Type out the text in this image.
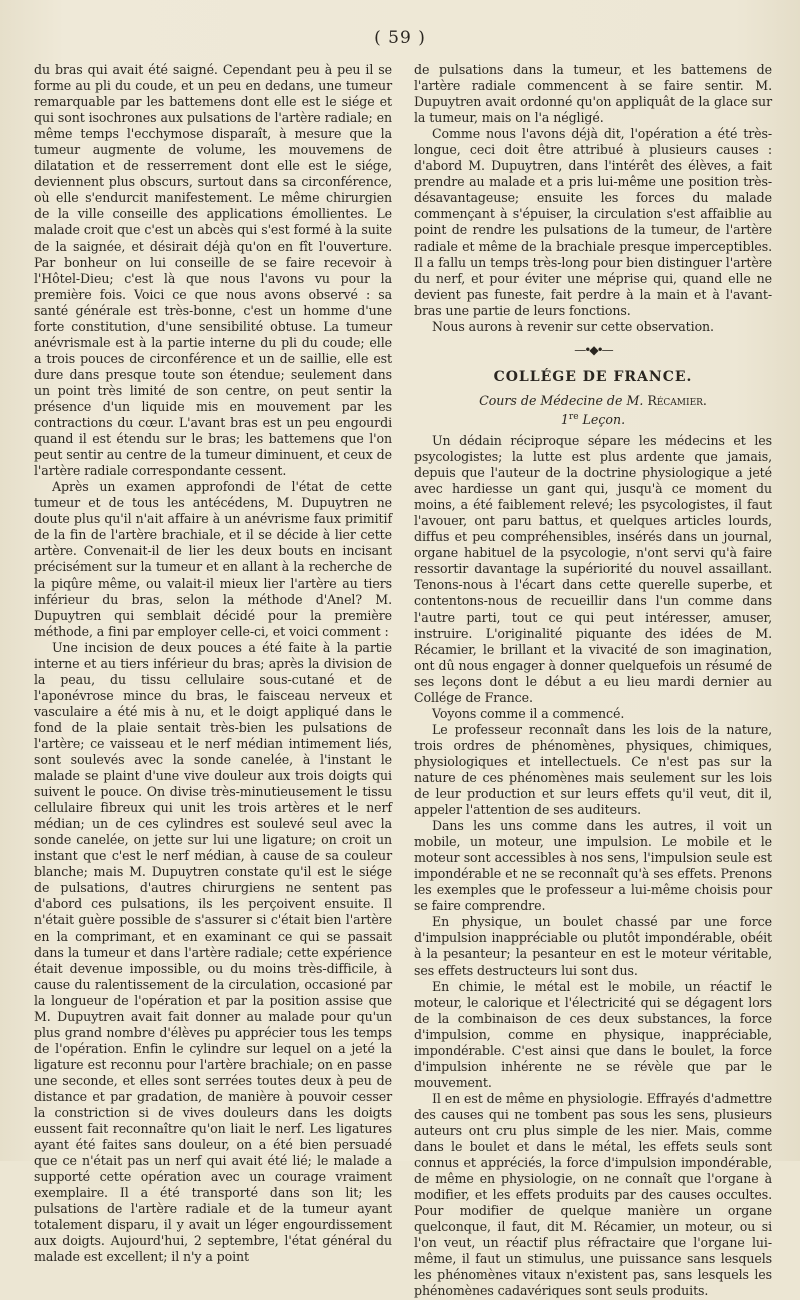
( 59 )

du bras qui avait été saigné. Cependant peu à peu il se forme au pli du coude, et un peu en dedans, une tumeur remarquable par les battemens dont elle est le siége et qui sont isochrones aux pulsations de l'artère radiale; en même temps l'ecchymose disparaît, à mesure que la tumeur augmente de volume, les mouvemens de dilatation et de resserrement dont elle est le siége, deviennent plus obscurs, surtout dans sa circonférence, où elle s'endurcit manifestement. Le même chirurgien de la ville conseille des applications émollientes. Le malade croit que c'est un abcès qui s'est formé à la suite de la saignée, et désirait déjà qu'on en fît l'ouverture. Par bonheur on lui conseille de se faire recevoir à l'Hôtel-Dieu; c'est là que nous l'avons vu pour la première fois. Voici ce que nous avons observé : sa santé générale est très-bonne, c'est un homme d'une forte constitution, d'une sensibilité obtuse. La tumeur anévrismale est à la partie interne du pli du coude; elle a trois pouces de circonférence et un de saillie, elle est dure dans presque toute son étendue; seulement dans un point très limité de son centre, on peut sentir la présence d'un liquide mis en mouvement par les contractions du cœur. L'avant bras est un peu engourdi quand il est étendu sur le bras; les battemens que l'on peut sentir au centre de la tumeur diminuent, et ceux de l'artère radiale correspondante cessent.

Après un examen approfondi de l'état de cette tumeur et de tous les antécédens, M. Dupuytren ne doute plus qu'il n'ait affaire à un anévrisme faux primitif de la fin de l'artère brachiale, et il se décide à lier cette artère. Convenait-il de lier les deux bouts en incisant précisément sur la tumeur et en allant à la recherche de la piqûre même, ou valait-il mieux lier l'artère au tiers inférieur du bras, selon la méthode d'Anel? M. Dupuytren qui semblait décidé pour la première méthode, a fini par employer celle-ci, et voici comment :

Une incision de deux pouces a été faite à la partie interne et au tiers inférieur du bras; après la division de la peau, du tissu cellulaire sous-cutané et de l'aponévrose mince du bras, le faisceau nerveux et vasculaire a été mis à nu, et le doigt appliqué dans le fond de la plaie sentait très-bien les pulsations de l'artère; ce vaisseau et le nerf médian intimement liés, sont soulevés avec la sonde canelée, à l'instant le malade se plaint d'une vive douleur aux trois doigts qui suivent le pouce. On divise très-minutieusement le tissu cellulaire fibreux qui unit les trois artères et le nerf médian; un de ces cylindres est soulevé seul avec la sonde canelée, on jette sur lui une ligature; on croit un instant que c'est le nerf médian, à cause de sa couleur blanche; mais M. Dupuytren constate qu'il est le siége de pulsations, d'autres chirurgiens ne sentent pas d'abord ces pulsations, ils les perçoivent ensuite. Il n'était guère possible de s'assurer si c'était bien l'artère en la comprimant, et en examinant ce qui se passait dans la tumeur et dans l'artère radiale; cette expérience était devenue impossible, ou du moins très-difficile, à cause du ralentissement de la circulation, occasioné par la longueur de l'opération et par la position assise que M. Dupuytren avait fait donner au malade pour qu'un plus grand nombre d'élèves pu apprécier tous les temps de l'opération. Enfin le cylindre sur lequel on a jeté la ligature est reconnu pour l'artère brachiale; on en passe une seconde, et elles sont serrées toutes deux à peu de distance et par gradation, de manière à pouvoir cesser la constriction si de vives douleurs dans les doigts eussent fait reconnaître qu'on liait le nerf. Les ligatures ayant été faites sans douleur, on a été bien persuadé que ce n'était pas un nerf qui avait été lié; le malade a supporté cette opération avec un courage vraiment exemplaire. Il a été transporté dans son lit; les pulsations de l'artère radiale et de la tumeur ayant totalement disparu, il y avait un léger engourdissement aux doigts. Aujourd'hui, 2 septembre, l'état général du malade est excellent; il n'y a point

de pulsations dans la tumeur, et les battemens de l'artère radiale commencent à se faire sentir. M. Dupuytren avait ordonné qu'on appliquât de la glace sur la tumeur, mais on l'a négligé.

Comme nous l'avons déjà dit, l'opération a été très-longue, ceci doit être attribué à plusieurs causes : d'abord M. Dupuytren, dans l'intérêt des élèves, a fait prendre au malade et a pris lui-même une position très-désavantageuse; ensuite les forces du malade commençant à s'épuiser, la circulation s'est affaiblie au point de rendre les pulsations de la tumeur, de l'artère radiale et même de la brachiale presque imperceptibles. Il a fallu un temps très-long pour bien distinguer l'artère du nerf, et pour éviter une méprise qui, quand elle ne devient pas funeste, fait perdre à la main et à l'avant-bras une partie de leurs fonctions.

Nous aurons à revenir sur cette observation.

—•◆•—
COLLÉGE DE FRANCE.
Cours de Médecine de M. Récamier.
1re Leçon.

Un dédain réciproque sépare les médecins et les psycologistes; la lutte est plus ardente que jamais, depuis que l'auteur de la doctrine physiologique a jeté avec hardiesse un gant qui, jusqu'à ce moment du moins, a été faiblement relevé; les psycologistes, il faut l'avouer, ont paru battus, et quelques articles lourds, diffus et peu compréhensibles, insérés dans un journal, organe habituel de la psycologie, n'ont servi qu'à faire ressortir davantage la supériorité du nouvel assaillant. Tenons-nous à l'écart dans cette querelle superbe, et contentons-nous de recueillir dans l'un comme dans l'autre parti, tout ce qui peut intéresser, amuser, instruire. L'originalité piquante des idées de M. Récamier, le brillant et la vivacité de son imagination, ont dû nous engager à donner quelquefois un résumé de ses leçons dont le début a eu lieu mardi dernier au Collége de France.

Voyons comme il a commencé.

Le professeur reconnaît dans les lois de la nature, trois ordres de phénomènes, physiques, chimiques, physiologiques et intellectuels. Ce n'est pas sur la nature de ces phénomènes mais seulement sur les lois de leur production et sur leurs effets qu'il veut, dit il, appeler l'attention de ses auditeurs.

Dans les uns comme dans les autres, il voit un mobile, un moteur, une impulsion. Le mobile et le moteur sont accessibles à nos sens, l'impulsion seule est impondérable et ne se reconnaît qu'à ses effets. Prenons les exemples que le professeur a lui-même choisis pour se faire comprendre.

En physique, un boulet chassé par une force d'impulsion inappréciable ou plutôt impondérable, obéit à la pesanteur; la pesanteur en est le moteur véritable, ses effets destructeurs lui sont dus.

En chimie, le métal est le mobile, un réactif le moteur, le calorique et l'électricité qui se dégagent lors de la combinaison de ces deux substances, la force d'impulsion, comme en physique, inappréciable, impondérable. C'est ainsi que dans le boulet, la force d'impulsion inhérente ne se révèle que par le mouvement.

Il en est de même en physiologie. Effrayés d'admettre des causes qui ne tombent pas sous les sens, plusieurs auteurs ont cru plus simple de les nier. Mais, comme dans le boulet et dans le métal, les effets seuls sont connus et appréciés, la force d'impulsion impondérable, de même en physiologie, on ne connaît que l'organe à modifier, et les effets produits par des causes occultes. Pour modifier de quelque manière un organe quelconque, il faut, dit M. Récamier, un moteur, ou si l'on veut, un réactif plus réfractaire que l'organe lui-même, il faut un stimulus, une puissance sans lesquels les phénomènes vitaux n'existent pas, sans lesquels les phénomènes cadavériques sont seuls produits.
